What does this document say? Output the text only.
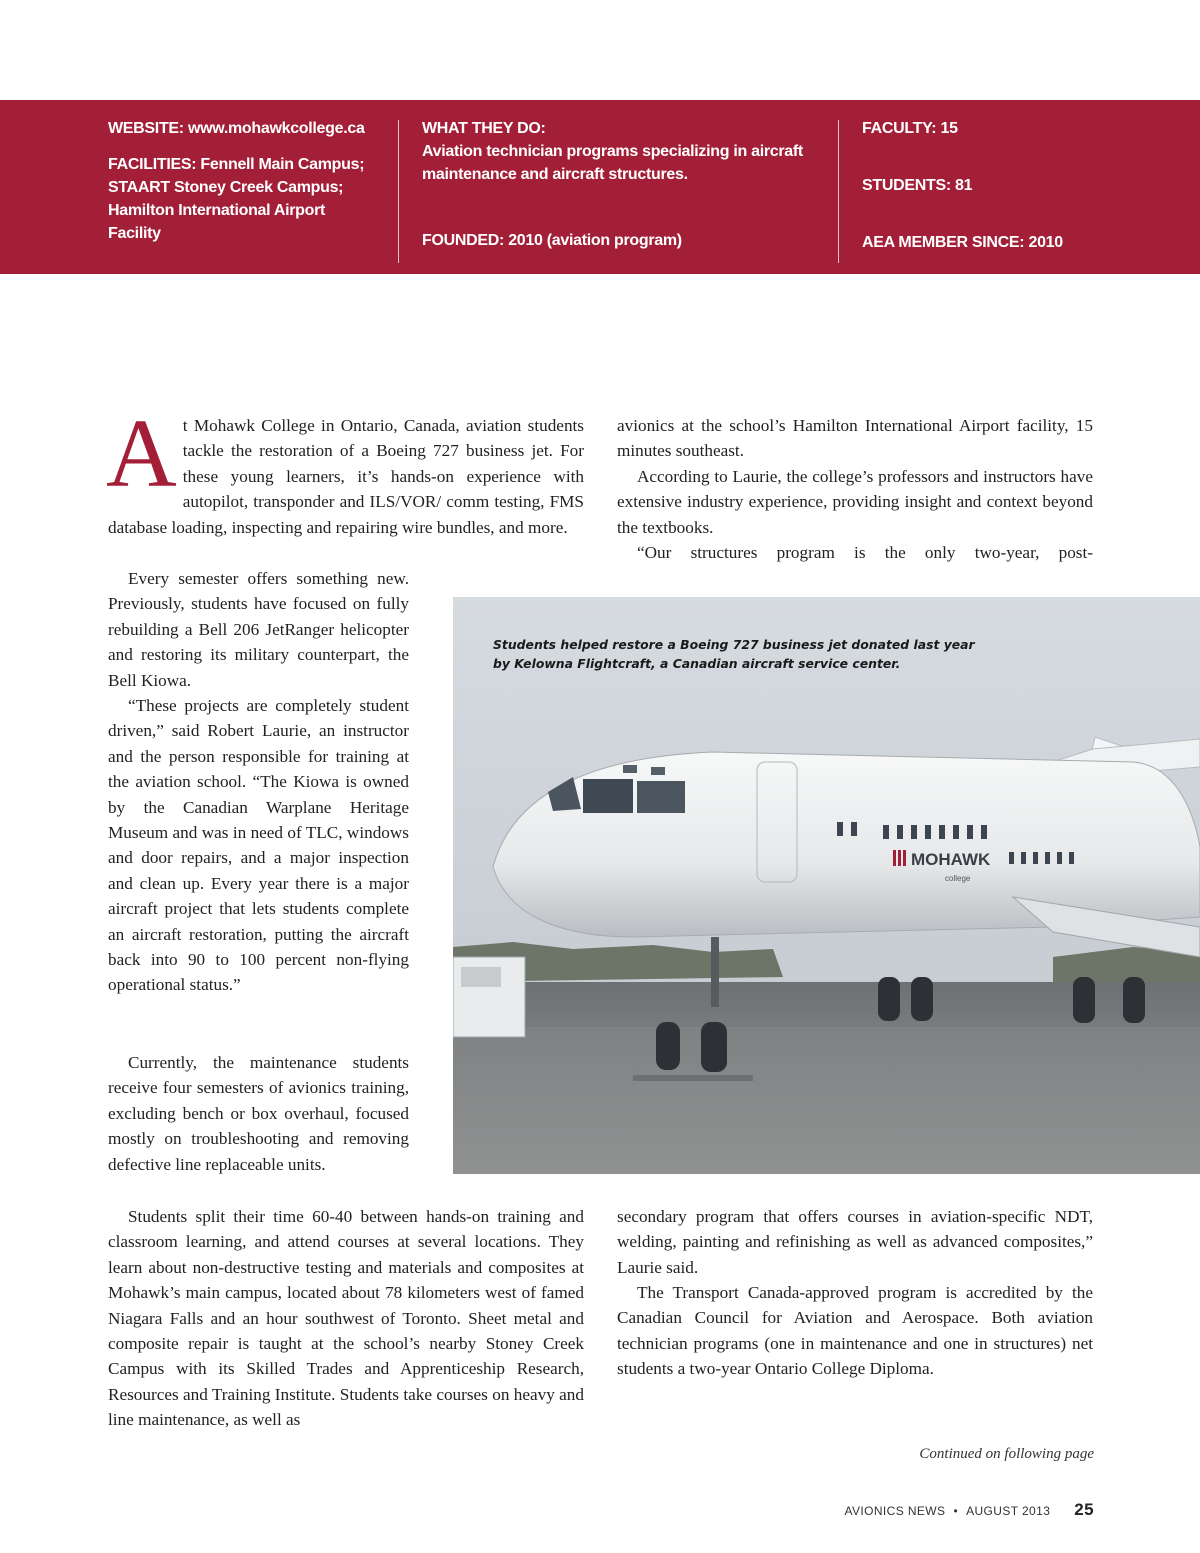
WEBSITE: www.mohawkcollege.ca
FACILITIES: Fennell Main Campus; STAART Stoney Creek Campus; Hamilton International Airport Facility
WHAT THEY DO:
Aviation technician programs specializing in aircraft maintenance and aircraft structures.
FOUNDED: 2010 (aviation program)
FACULTY: 15
STUDENTS: 81
AEA MEMBER SINCE: 2010

At Mohawk College in Ontario, Canada, aviation students tackle the restoration of a Boeing 727 business jet. For these young learners, it’s hands-on experience with autopilot, transponder and ILS/VOR/ comm testing, FMS database loading, inspecting and repairing wire bundles, and more.

Every semester offers something new. Previously, students have focused on fully rebuilding a Bell 206 JetRanger helicopter and restoring its military counterpart, the Bell Kiowa.

“These projects are completely student driven,” said Robert Laurie, an instructor and the person responsible for training at the aviation school. “The Kiowa is owned by the Canadian Warplane Heritage Museum and was in need of TLC, windows and door repairs, and a major inspection and clean up. Every year there is a major aircraft project that lets students complete an aircraft restoration, putting the aircraft back into 90 to 100 percent non-flying operational status.”

Currently, the maintenance students receive four semesters of avionics training, excluding bench or box overhaul, focused mostly on troubleshooting and removing defective line replaceable units.

Students split their time 60-40 between hands-on training and classroom learning, and attend courses at several locations. They learn about non-destructive testing and materials and composites at Mohawk’s main campus, located about 78 kilometers west of famed Niagara Falls and an hour southwest of Toronto. Sheet metal and composite repair is taught at the school’s nearby Stoney Creek Campus with its Skilled Trades and Apprenticeship Research, Resources and Training Institute. Students take courses on heavy and line maintenance, as well as

avionics at the school’s Hamilton International Airport facility, 15 minutes southeast.

According to Laurie, the college’s professors and instructors have extensive industry experience, providing insight and context beyond the textbooks.

“Our structures program is the only two-year, post-

secondary program that offers courses in aviation-specific NDT, welding, painting and refinishing as well as advanced composites,” Laurie said.

The Transport Canada-approved program is accredited by the Canadian Council for Aviation and Aerospace. Both aviation technician programs (one in maintenance and one in structures) net students a two-year Ontario College Diploma.

MOHAWK
college
Students helped restore a Boeing 727 business jet donated last year by Kelowna Flightcraft, a Canadian aircraft service center.
Continued on following page
AVIONICS NEWS • AUGUST 2013 25
